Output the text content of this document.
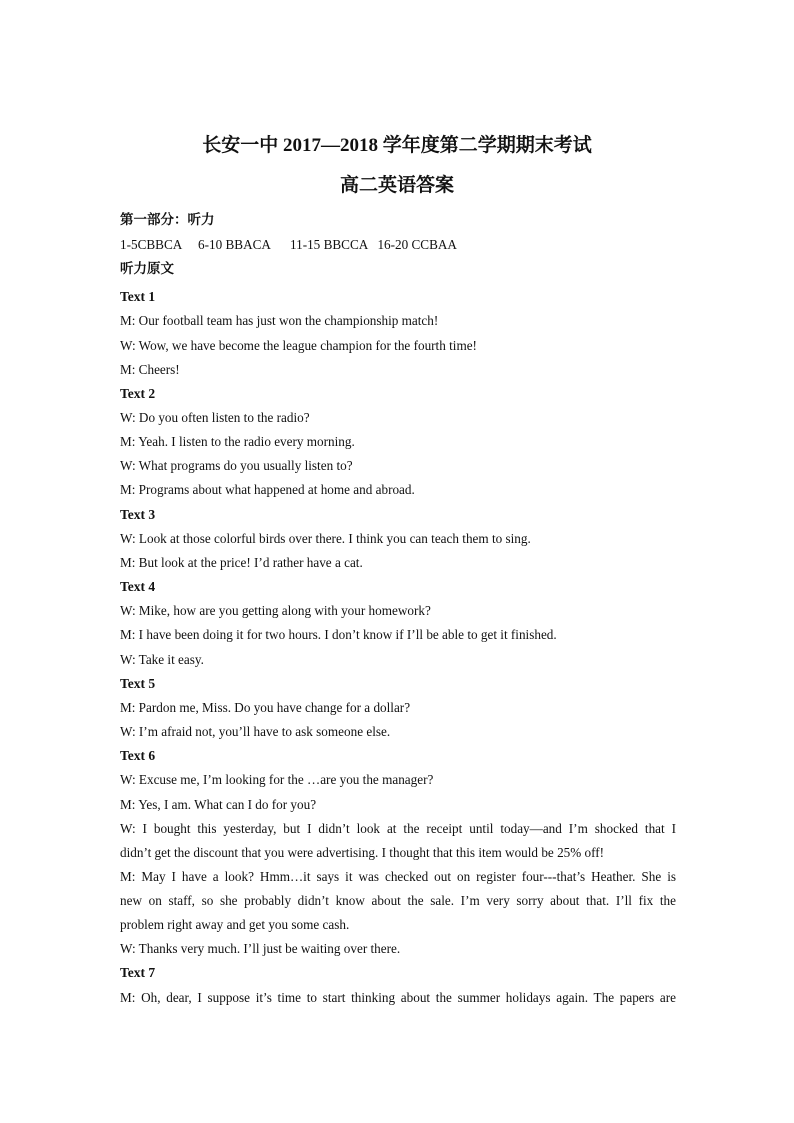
长安一中 2017—2018 学年度第二学期期末考试
高二英语答案
第一部分：听力
1-5CBBCA     6-10 BBACA      11-15 BBCCA   16-20 CCBAA
听力原文
Text 1
M: Our football team has just won the championship match!
W: Wow, we have become the league champion for the fourth time!
M: Cheers!
Text 2
W: Do you often listen to the radio?
M: Yeah. I listen to the radio every morning.
W: What programs do you usually listen to?
M: Programs about what happened at home and abroad.
Text 3
W: Look at those colorful birds over there. I think you can teach them to sing.
M: But look at the price! I’d rather have a cat.
Text 4
W: Mike, how are you getting along with your homework?
M: I have been doing it for two hours. I don’t know if I’ll be able to get it finished.
W: Take it easy.
Text 5
M: Pardon me, Miss. Do you have change for a dollar?
W: I’m afraid not, you’ll have to ask someone else.
Text 6
W: Excuse me, I’m looking for the …are you the manager?
M: Yes, I am. What can I do for you?
W: I bought this yesterday, but I didn’t look at the receipt until today—and I’m shocked that I
didn’t get the discount that you were advertising. I thought that this item would be 25% off!
M: May I have a look? Hmm…it says it was checked out on register four---that’s Heather. She is
new on staff, so she probably didn’t know about the sale. I’m very sorry about that. I’ll fix the
problem right away and get you some cash.
W: Thanks very much. I’ll just be waiting over there.
Text 7
M: Oh, dear, I suppose it’s time to start thinking about the summer holidays again. The papers are
